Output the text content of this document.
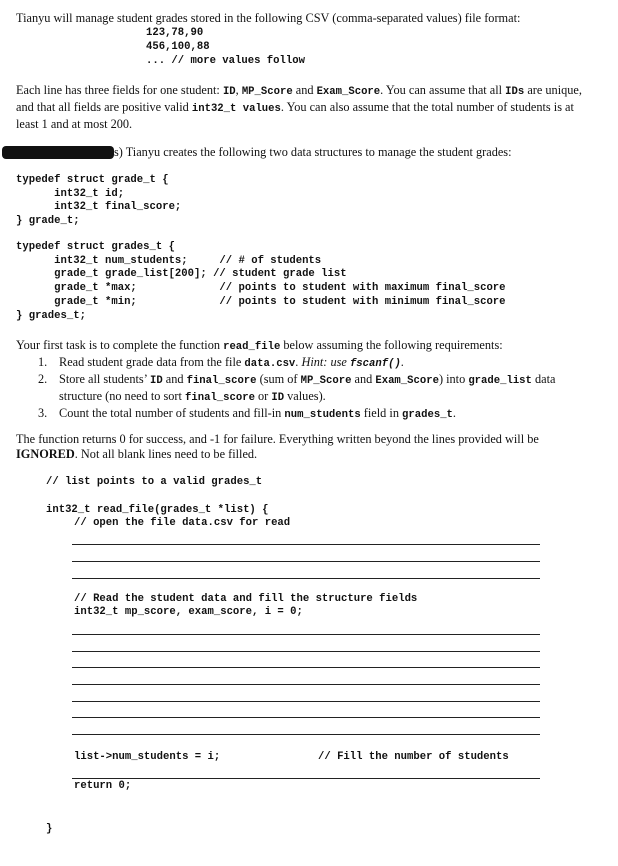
Tianyu will manage student grades stored in the following CSV (comma-separated values) file format:
123,78,90
456,100,88
... // more values follow
Each line has three fields for one student: ID, MP_Score and Exam_Score. You can assume that all IDs are unique, and that all fields are positive valid int32_t values. You can also assume that the total number of students is at least 1 and at most 200.
s) Tianyu creates the following two data structures to manage the student grades:
typedef struct grade_t {
int32_t id;
int32_t final_score;
} grade_t;
typedef struct grades_t {
int32_t num_students;     // # of students
grade_t grade_list[200]; // student grade list
grade_t *max;             // points to student with maximum final_score
grade_t *min;             // points to student with minimum final_score
} grades_t;
Your first task is to complete the function read_file below assuming the following requirements:
1. Read student grade data from the file data.csv. Hint: use fscanf().
2. Store all students’ ID and final_score (sum of MP_Score and Exam_Score) into grade_list data structure (no need to sort final_score or ID values).
3. Count the total number of students and fill-in num_students field in grades_t.
The function returns 0 for success, and -1 for failure. Everything written beyond the lines provided will be IGNORED. Not all blank lines need to be filled.
// list points to a valid grades_t
int32_t read_file(grades_t *list) {
// open the file data.csv for read
// Read the student data and fill the structure fields
int32_t mp_score, exam_score, i = 0;
list->num_students = i;	// Fill the number of students
return 0;
}
